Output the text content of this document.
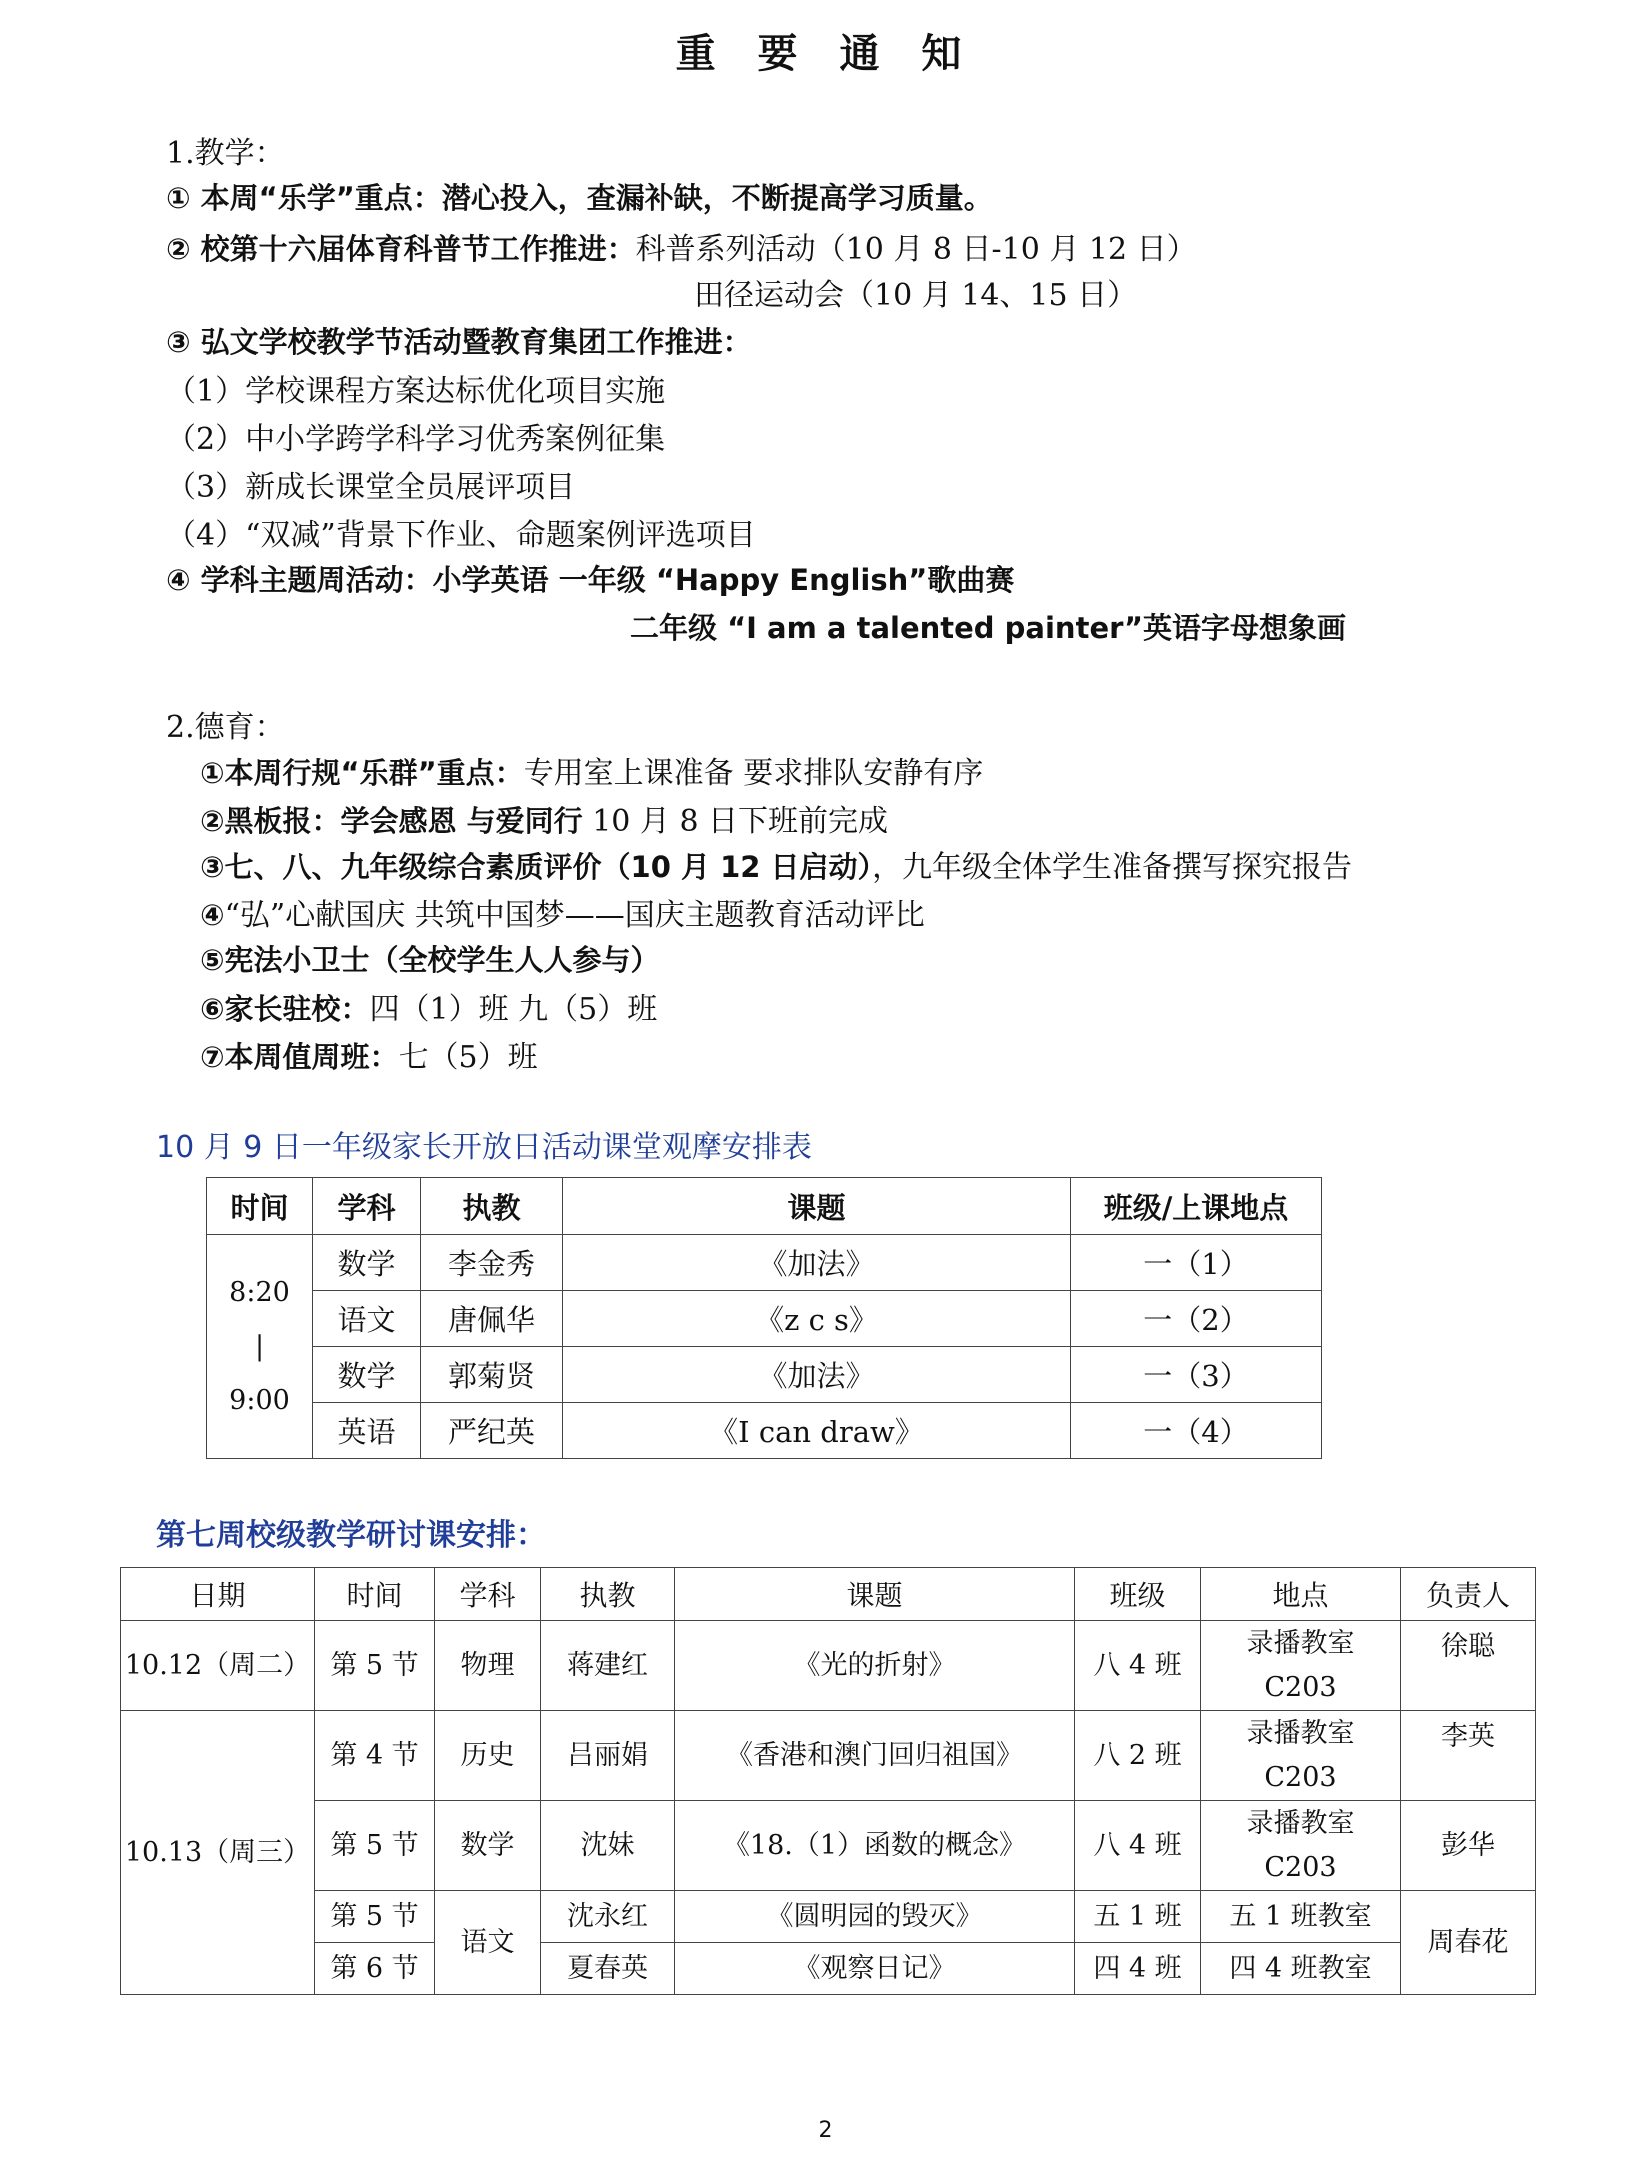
重 要 通 知
1.教学：
① 本周“乐学”重点：潜心投入，查漏补缺，不断提高学习质量。
② 校第十六届体育科普节工作推进：科普系列活动（10 月 8 日-10 月 12 日）
田径运动会（10 月 14、15 日）
③ 弘文学校教学节活动暨教育集团工作推进：
（1）学校课程方案达标优化项目实施
（2）中小学跨学科学习优秀案例征集
（3）新成长课堂全员展评项目
（4）“双减”背景下作业、命题案例评选项目
④ 学科主题周活动：小学英语 一年级 “Happy English”歌曲赛
二年级 “I am a talented painter”英语字母想象画
2.德育：
①本周行规“乐群”重点：专用室上课准备 要求排队安静有序
②黑板报：学会感恩 与爱同行 10 月 8 日下班前完成
③七、八、九年级综合素质评价（10 月 12 日启动），九年级全体学生准备撰写探究报告
④“弘”心献国庆 共筑中国梦——国庆主题教育活动评比
⑤宪法小卫士（全校学生人人参与）
⑥家长驻校：四（1）班 九（5）班
⑦本周值周班：七（5）班
10 月 9 日一年级家长开放日活动课堂观摩安排表
时间	学科	执教	课题	班级/上课地点

8:20
|
9:00	数学	李金秀	《加法》	一（1）
	语文	唐佩华	《z c s》	一（2）
	数学	郭菊贤	《加法》	一（3）
	英语	严纪英	《I can draw》	一（4）
第七周校级教学研讨课安排：
日期	时间	学科	执教	课题	班级	地点	负责人
10.12（周二）	第 5 节	物理	蒋建红	《光的折射》	八 4 班	录播教室
C203	徐聪
10.13（周三）	第 4 节	历史	吕丽娟	《香港和澳门回归祖国》	八 2 班	录播教室
C203	李英
	第 5 节	数学	沈妹	《18.（1）函数的概念》	八 4 班	录播教室
C203	彭华
	第 5 节	语文	沈永红	《圆明园的毁灭》	五 1 班	五 1 班教室	周春花
	第 6 节		夏春英	《观察日记》	四 4 班	四 4 班教室	
2
